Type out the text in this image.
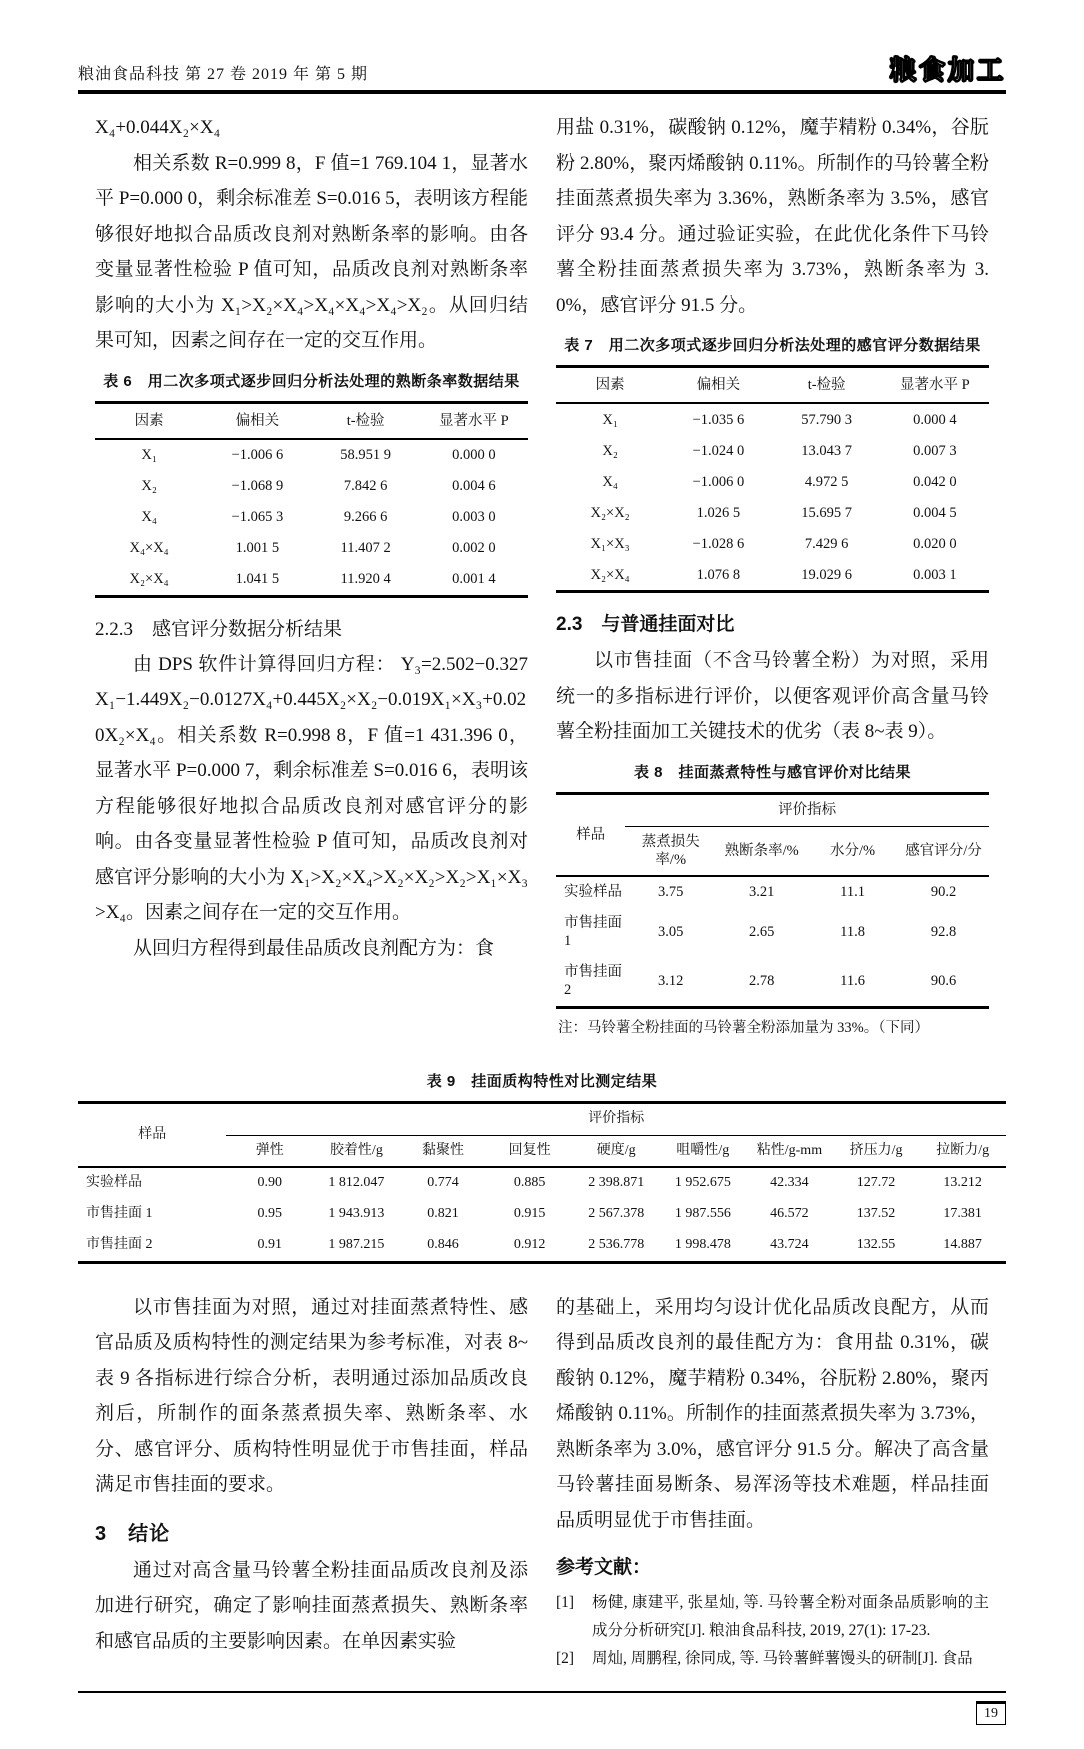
粮油食品科技 第 27 卷 2019 年 第 5 期	粮食加工

X₄+0.044X₂×X₄

相关系数 R=0.999 8，F 值=1 769.104 1，显著水平 P=0.000 0，剩余标准差 S=0.016 5，表明该方程能够很好地拟合品质改良剂对熟断条率的影响。由各变量显著性检验 P 值可知，品质改良剂对熟断条率影响的大小为 X₁>X₂×X₄>X₄×X₄>X₄>X₂。从回归结果可知，因素之间存在一定的交互作用。

表 6　用二次多项式逐步回归分析法处理的熟断条率数据结果
因素	偏相关	t-检验	显著水平 P
X₁	−1.006 6	58.951 9	0.000 0
X₂	−1.068 9	7.842 6	0.004 6
X₄	−1.065 3	9.266 6	0.003 0
X₄×X₄	1.001 5	11.407 2	0.002 0
X₂×X₄	1.041 5	11.920 4	0.001 4
2.2.3　感官评分数据分析结果

由 DPS 软件计算得回归方程： Y₃=2.502−0.327X₁−1.449X₂−0.0127X₄+0.445X₂×X₂−0.019X₁×X₃+0.020X₂×X₄。相关系数 R=0.998 8，F 值=1 431.396 0，显著水平 P=0.000 7，剩余标准差 S=0.016 6，表明该方程能够很好地拟合品质改良剂对感官评分的影响。由各变量显著性检验 P 值可知，品质改良剂对感官评分影响的大小为 X₁>X₂×X₄>X₂×X₂>X₂>X₁×X₃>X₄。因素之间存在一定的交互作用。

从回归方程得到最佳品质改良剂配方为：食

用盐 0.31%，碳酸钠 0.12%，魔芋精粉 0.34%，谷朊粉 2.80%，聚丙烯酸钠 0.11%。所制作的马铃薯全粉挂面蒸煮损失率为 3.36%，熟断条率为 3.5%，感官评分 93.4 分。通过验证实验，在此优化条件下马铃薯全粉挂面蒸煮损失率为 3.73%，熟断条率为 3.0%，感官评分 91.5 分。

表 7　用二次多项式逐步回归分析法处理的感官评分数据结果
因素	偏相关	t-检验	显著水平 P
X₁	−1.035 6	57.790 3	0.000 4
X₂	−1.024 0	13.043 7	0.007 3
X₄	−1.006 0	4.972 5	0.042 0
X₂×X₂	1.026 5	15.695 7	0.004 5
X₁×X₃	−1.028 6	7.429 6	0.020 0
X₂×X₄	1.076 8	19.029 6	0.003 1
2.3　与普通挂面对比

以市售挂面（不含马铃薯全粉）为对照，采用统一的多指标进行评价，以便客观评价高含量马铃薯全粉挂面加工关键技术的优劣（表 8~表 9）。

表 8　挂面蒸煮特性与感官评价对比结果
样品	评价指标			
	蒸煮损失率/%	熟断条率/%	水分/%	感官评分/分
实验样品	3.75	3.21	11.1	90.2
市售挂面 1	3.05	2.65	11.8	92.8
市售挂面 2	3.12	2.78	11.6	90.6
注：马铃薯全粉挂面的马铃薯全粉添加量为 33%。（下同）
表 9　挂面质构特性对比测定结果
样品	评价指标								
	弹性	胶着性/g	黏聚性	回复性	硬度/g	咀嚼性/g	粘性/g-mm	挤压力/g	拉断力/g
实验样品	0.90	1 812.047	0.774	0.885	2 398.871	1 952.675	42.334	127.72	13.212
市售挂面 1	0.95	1 943.913	0.821	0.915	2 567.378	1 987.556	46.572	137.52	17.381
市售挂面 2	0.91	1 987.215	0.846	0.912	2 536.778	1 998.478	43.724	132.55	14.887

以市售挂面为对照，通过对挂面蒸煮特性、感官品质及质构特性的测定结果为参考标准，对表 8~表 9 各指标进行综合分析，表明通过添加品质改良剂后，所制作的面条蒸煮损失率、熟断条率、水分、感官评分、质构特性明显优于市售挂面，样品满足市售挂面的要求。

3　结论

通过对高含量马铃薯全粉挂面品质改良剂及添加进行研究，确定了影响挂面蒸煮损失、熟断条率和感官品质的主要影响因素。在单因素实验

的基础上，采用均匀设计优化品质改良配方，从而得到品质改良剂的最佳配方为：食用盐 0.31%，碳酸钠 0.12%，魔芋精粉 0.34%，谷朊粉 2.80%，聚丙烯酸钠 0.11%。所制作的挂面蒸煮损失率为 3.73%，熟断条率为 3.0%，感官评分 91.5 分。解决了高含量马铃薯挂面易断条、易浑汤等技术难题，样品挂面品质明显优于市售挂面。

参考文献：
[1]	杨健, 康建平, 张星灿, 等. 马铃薯全粉对面条品质影响的主成分分析研究[J]. 粮油食品科技, 2019, 27(1): 17-23.
[2]	周灿, 周鹏程, 徐同成, 等. 马铃薯鲜薯馒头的研制[J]. 食品
19
